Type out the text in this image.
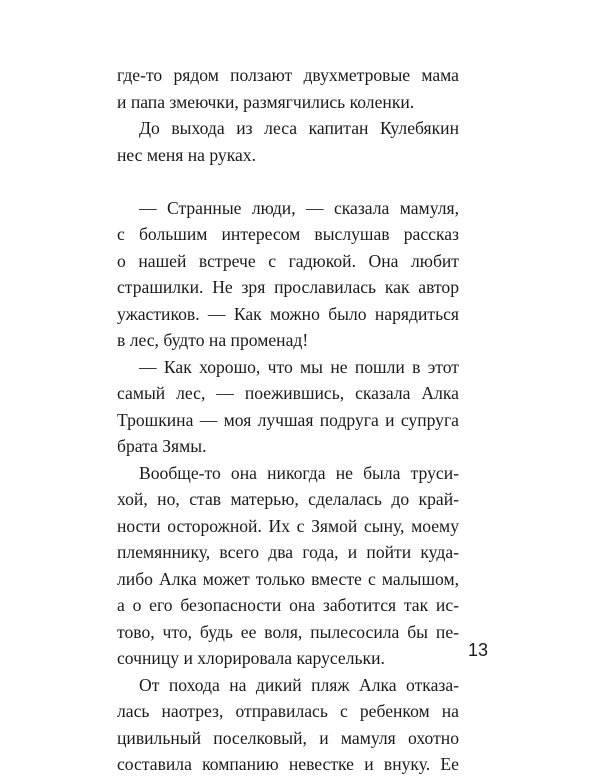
где-то рядом ползают двухметровые мама
и папа змеючки, размягчились коленки.
До выхода из леса капитан Кулебякин
нес меня на руках.
— Странные люди, — сказала мамуля,
с большим интересом выслушав рассказ
о нашей встрече с гадюкой. Она любит
страшилки. Не зря прославилась как автор
ужастиков. — Как можно было нарядиться
в лес, будто на променад!
— Как хорошо, что мы не пошли в этот
самый лес, — поежившись, сказала Алка
Трошкина — моя лучшая подруга и супруга
брата Зямы.
Вообще-то она никогда не была труси-
хой, но, став матерью, сделалась до край-
ности осторожной. Их с Зямой сыну, моему
племяннику, всего два года, и пойти куда-
либо Алка может только вместе с малышом,
а о его безопасности она заботится так ис-
тово, что, будь ее воля, пылесосила бы пе-
сочницу и хлорировала карусельки.
От похода на дикий пляж Алка отказа-
лась наотрез, отправилась с ребенком на
цивильный поселковый, и мамуля охотно
составила компанию невестке и внуку. Ее
13
